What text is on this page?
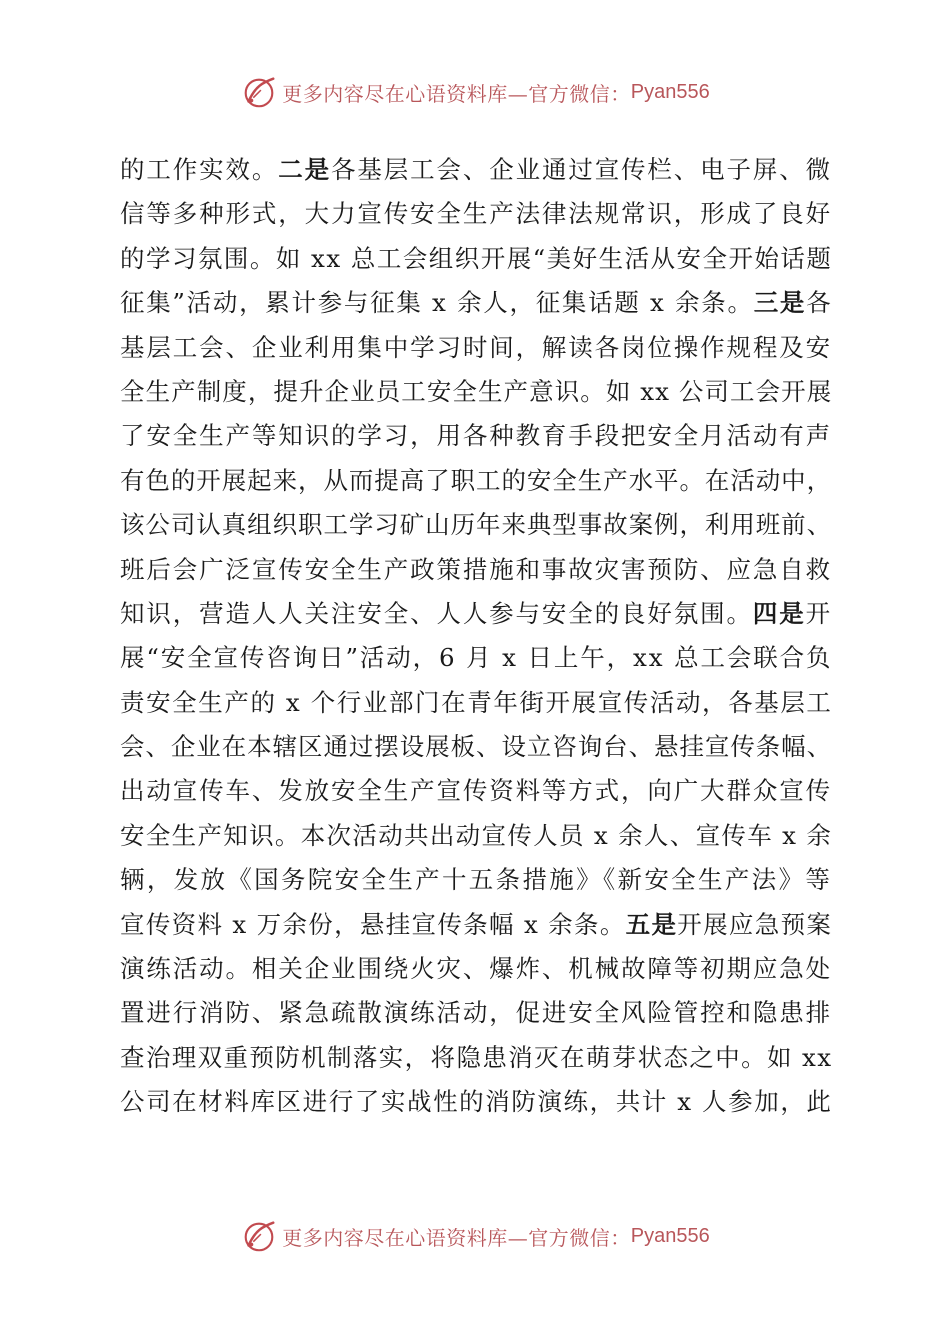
更多内容尽在心语资料库—官方微信： Pyan556
的工作实效。二是各基层工会、企业通过宣传栏、电子屏、微
信等多种形式，大力宣传安全生产法律法规常识，形成了良好
的学习氛围。如 xx 总工会组织开展“美好生活从安全开始话题
征集”活动，累计参与征集 x 余人，征集话题 x 余条。三是各
基层工会、企业利用集中学习时间，解读各岗位操作规程及安
全生产制度，提升企业员工安全生产意识。如 xx 公司工会开展
了安全生产等知识的学习，用各种教育手段把安全月活动有声
有色的开展起来，从而提高了职工的安全生产水平。在活动中，
该公司认真组织职工学习矿山历年来典型事故案例，利用班前、
班后会广泛宣传安全生产政策措施和事故灾害预防、应急自救
知识，营造人人关注安全、人人参与安全的良好氛围。四是开
展“安全宣传咨询日”活动，6 月 x 日上午，xx 总工会联合负
责安全生产的 x 个行业部门在青年街开展宣传活动，各基层工
会、企业在本辖区通过摆设展板、设立咨询台、悬挂宣传条幅、
出动宣传车、发放安全生产宣传资料等方式，向广大群众宣传
安全生产知识。本次活动共出动宣传人员 x 余人、宣传车 x 余
辆，发放《国务院安全生产十五条措施》《新安全生产法》等
宣传资料 x 万余份，悬挂宣传条幅 x 余条。五是开展应急预案
演练活动。相关企业围绕火灾、爆炸、机械故障等初期应急处
置进行消防、紧急疏散演练活动，促进安全风险管控和隐患排
查治理双重预防机制落实，将隐患消灭在萌芽状态之中。如 xx
公司在材料库区进行了实战性的消防演练，共计 x 人参加，此
更多内容尽在心语资料库—官方微信： Pyan556
